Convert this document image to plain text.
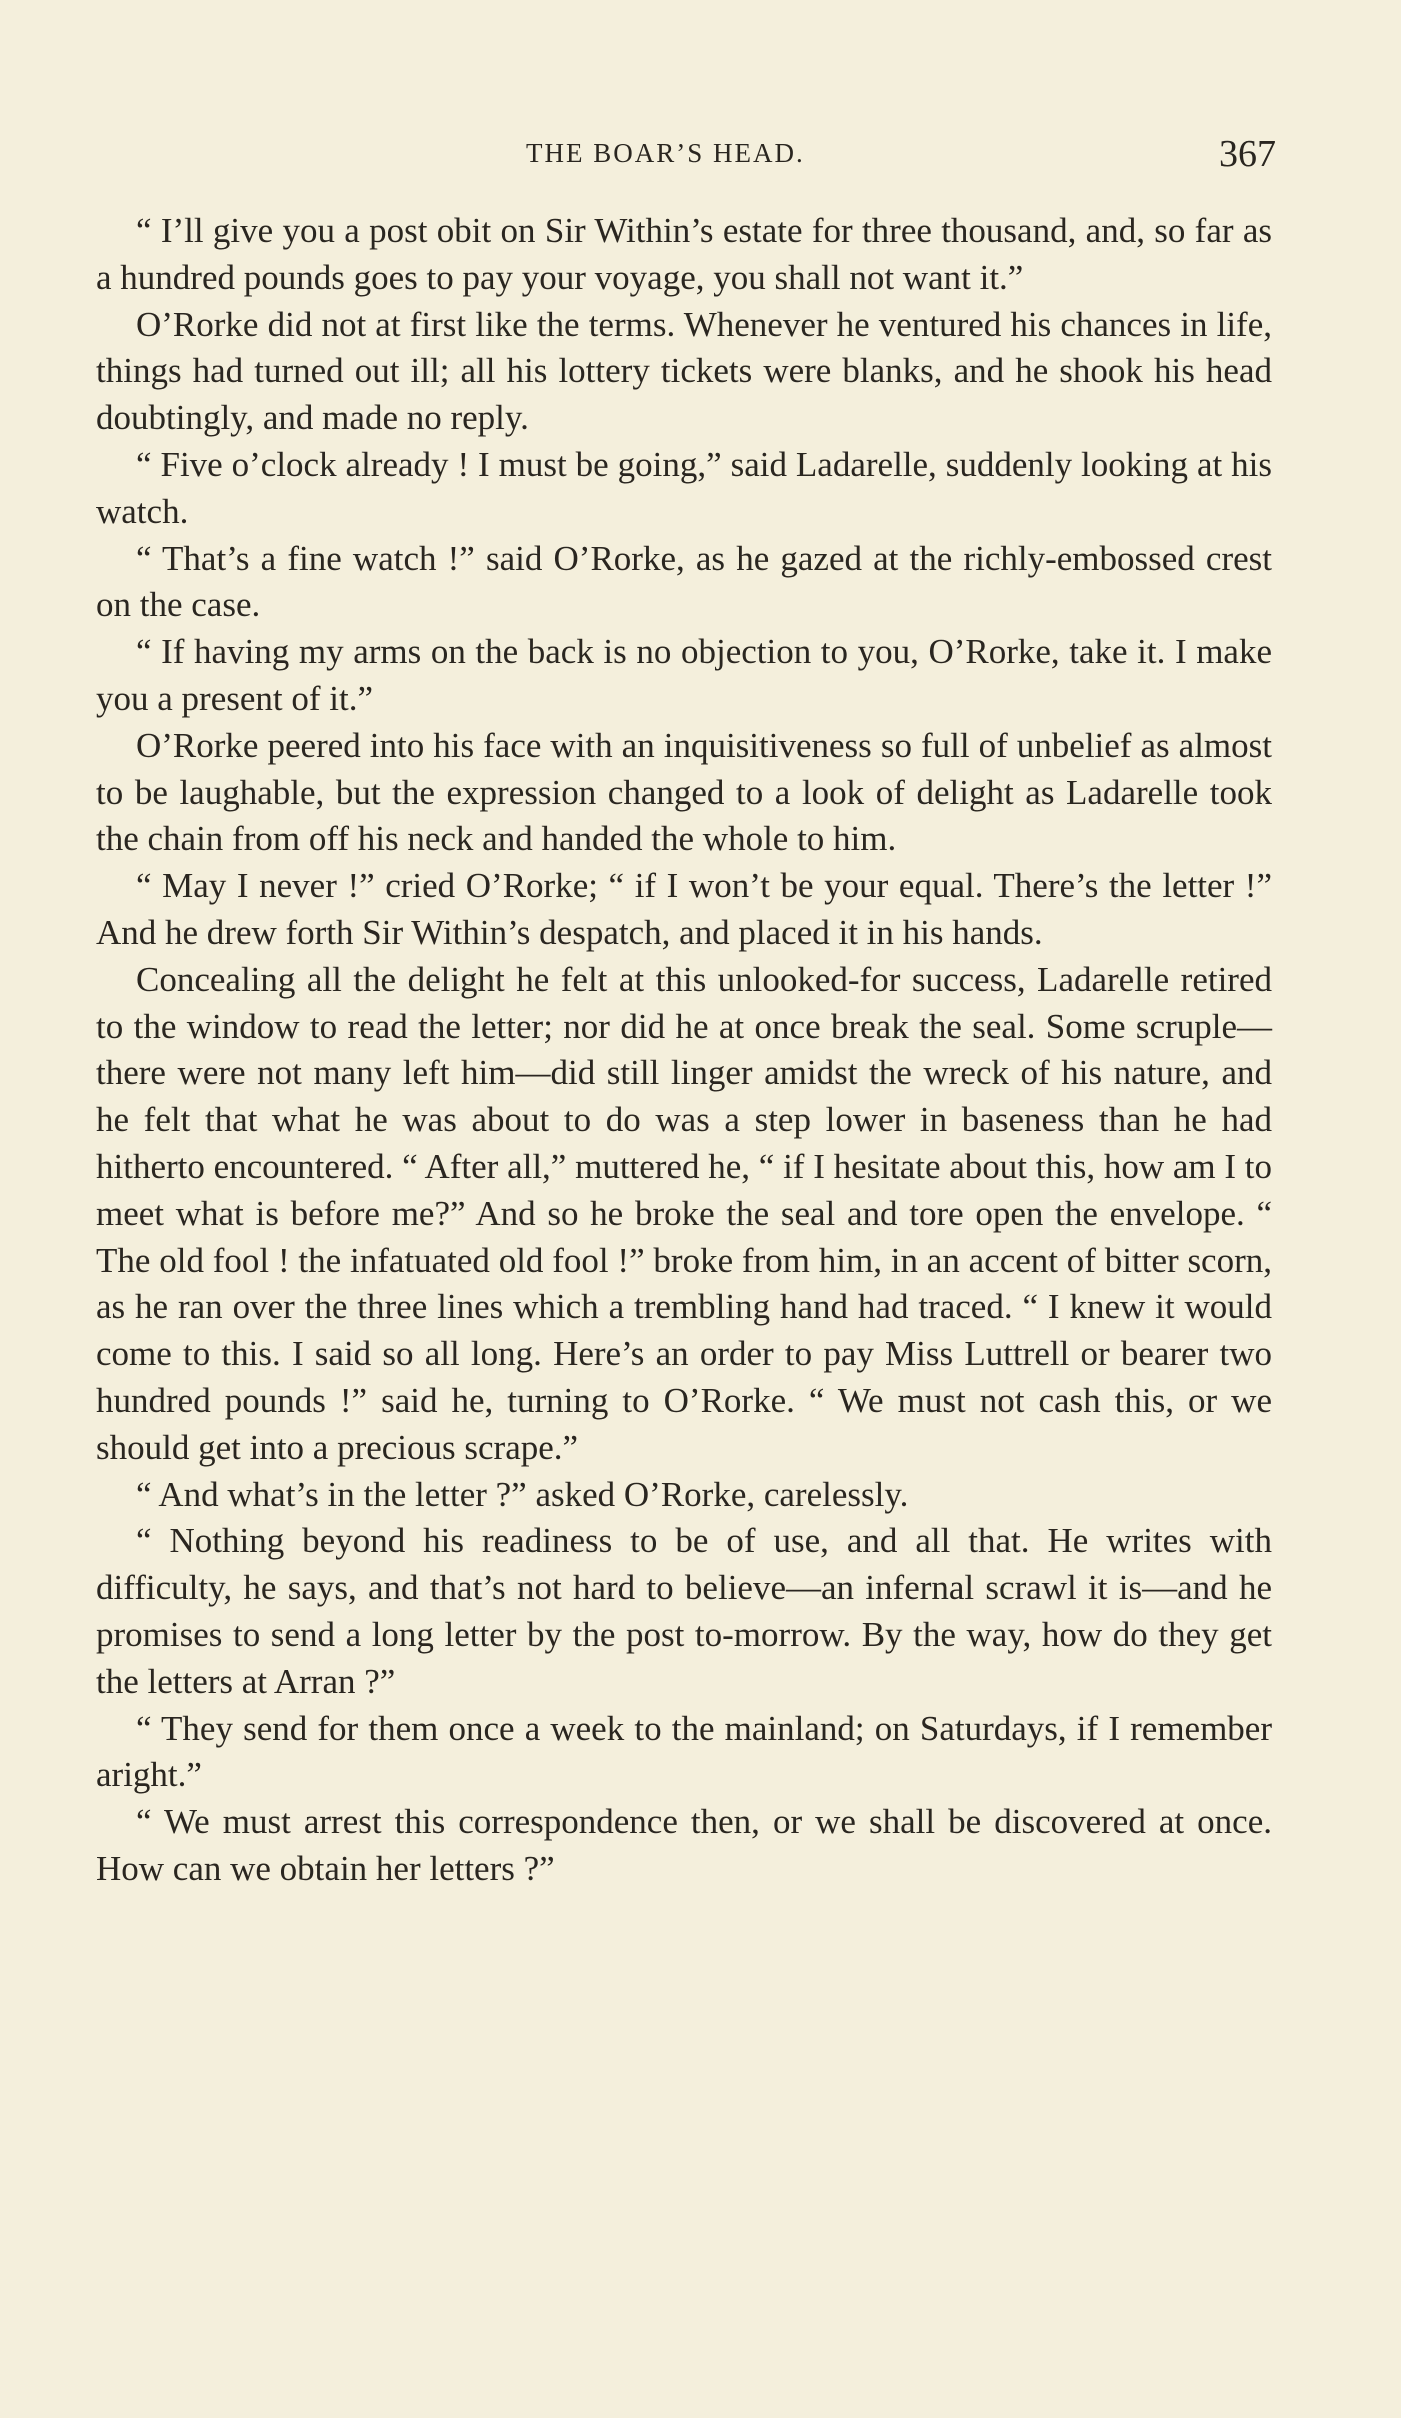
THE BOAR’S HEAD.	367

“ I’ll give you a post obit on Sir Within’s estate for three thousand, and, so far as a hundred pounds goes to pay your voyage, you shall not want it.”

O’Rorke did not at first like the terms. Whenever he ventured his chances in life, things had turned out ill; all his lottery tickets were blanks, and he shook his head doubtingly, and made no reply.

“ Five o’clock already ! I must be going,” said Ladarelle, suddenly looking at his watch.

“ That’s a fine watch !” said O’Rorke, as he gazed at the richly-embossed crest on the case.

“ If having my arms on the back is no objection to you, O’Rorke, take it. I make you a present of it.”

O’Rorke peered into his face with an inquisitiveness so full of unbelief as almost to be laughable, but the expression changed to a look of delight as Ladarelle took the chain from off his neck and handed the whole to him.

“ May I never !” cried O’Rorke; “ if I won’t be your equal. There’s the letter !” And he drew forth Sir Within’s despatch, and placed it in his hands.

Concealing all the delight he felt at this unlooked-for success, Ladarelle retired to the window to read the letter; nor did he at once break the seal. Some scruple—there were not many left him—did still linger amidst the wreck of his nature, and he felt that what he was about to do was a step lower in baseness than he had hitherto encountered. “ After all,” muttered he, “ if I hesitate about this, how am I to meet what is before me?” And so he broke the seal and tore open the envelope. “ The old fool ! the infatuated old fool !” broke from him, in an accent of bitter scorn, as he ran over the three lines which a trembling hand had traced. “ I knew it would come to this. I said so all long. Here’s an order to pay Miss Luttrell or bearer two hundred pounds !” said he, turning to O’Rorke. “ We must not cash this, or we should get into a precious scrape.”

“ And what’s in the letter ?” asked O’Rorke, carelessly.

“ Nothing beyond his readiness to be of use, and all that. He writes with difficulty, he says, and that’s not hard to believe—an infernal scrawl it is—and he promises to send a long letter by the post to-morrow. By the way, how do they get the letters at Arran ?”

“ They send for them once a week to the mainland; on Saturdays, if I remember aright.”

“ We must arrest this correspondence then, or we shall be discovered at once. How can we obtain her letters ?”
